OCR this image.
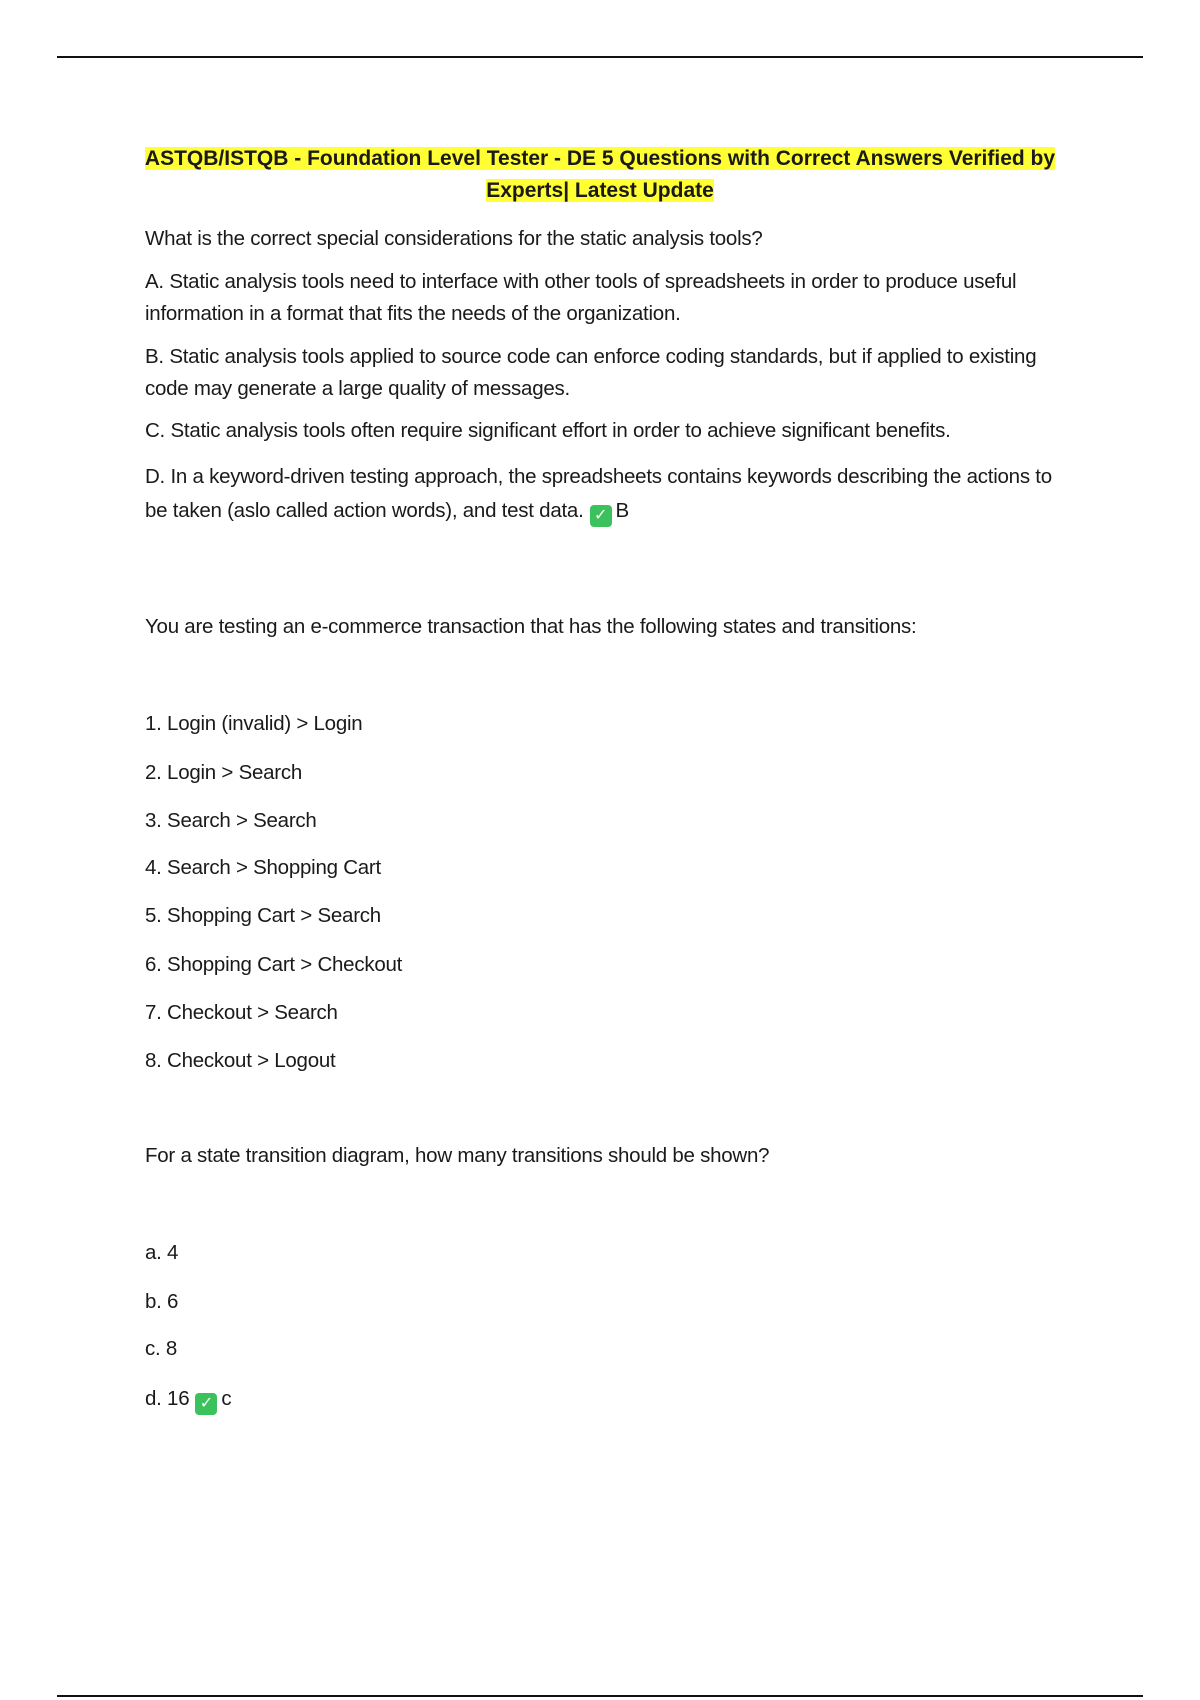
ASTQB/ISTQB - Foundation Level Tester - DE 5 Questions with Correct Answers Verified by Experts| Latest Update

What is the correct special considerations for the static analysis tools?

A. Static analysis tools need to interface with other tools of spreadsheets in order to produce useful information in a format that fits the needs of the organization.

B. Static analysis tools applied to source code can enforce coding standards, but if applied to existing code may generate a large quality of messages.

C. Static analysis tools often require significant effort in order to achieve significant benefits.

D. In a keyword-driven testing approach, the spreadsheets contains keywords describing the actions to be taken (aslo called action words), and test data. ✓ B

You are testing an e-commerce transaction that has the following states and transitions:

1. Login (invalid) > Login

2. Login > Search

3. Search > Search

4. Search > Shopping Cart

5. Shopping Cart > Search

6. Shopping Cart > Checkout

7. Checkout > Search

8. Checkout > Logout

For a state transition diagram, how many transitions should be shown?

a. 4

b. 6

c. 8

d. 16 ✓ c
